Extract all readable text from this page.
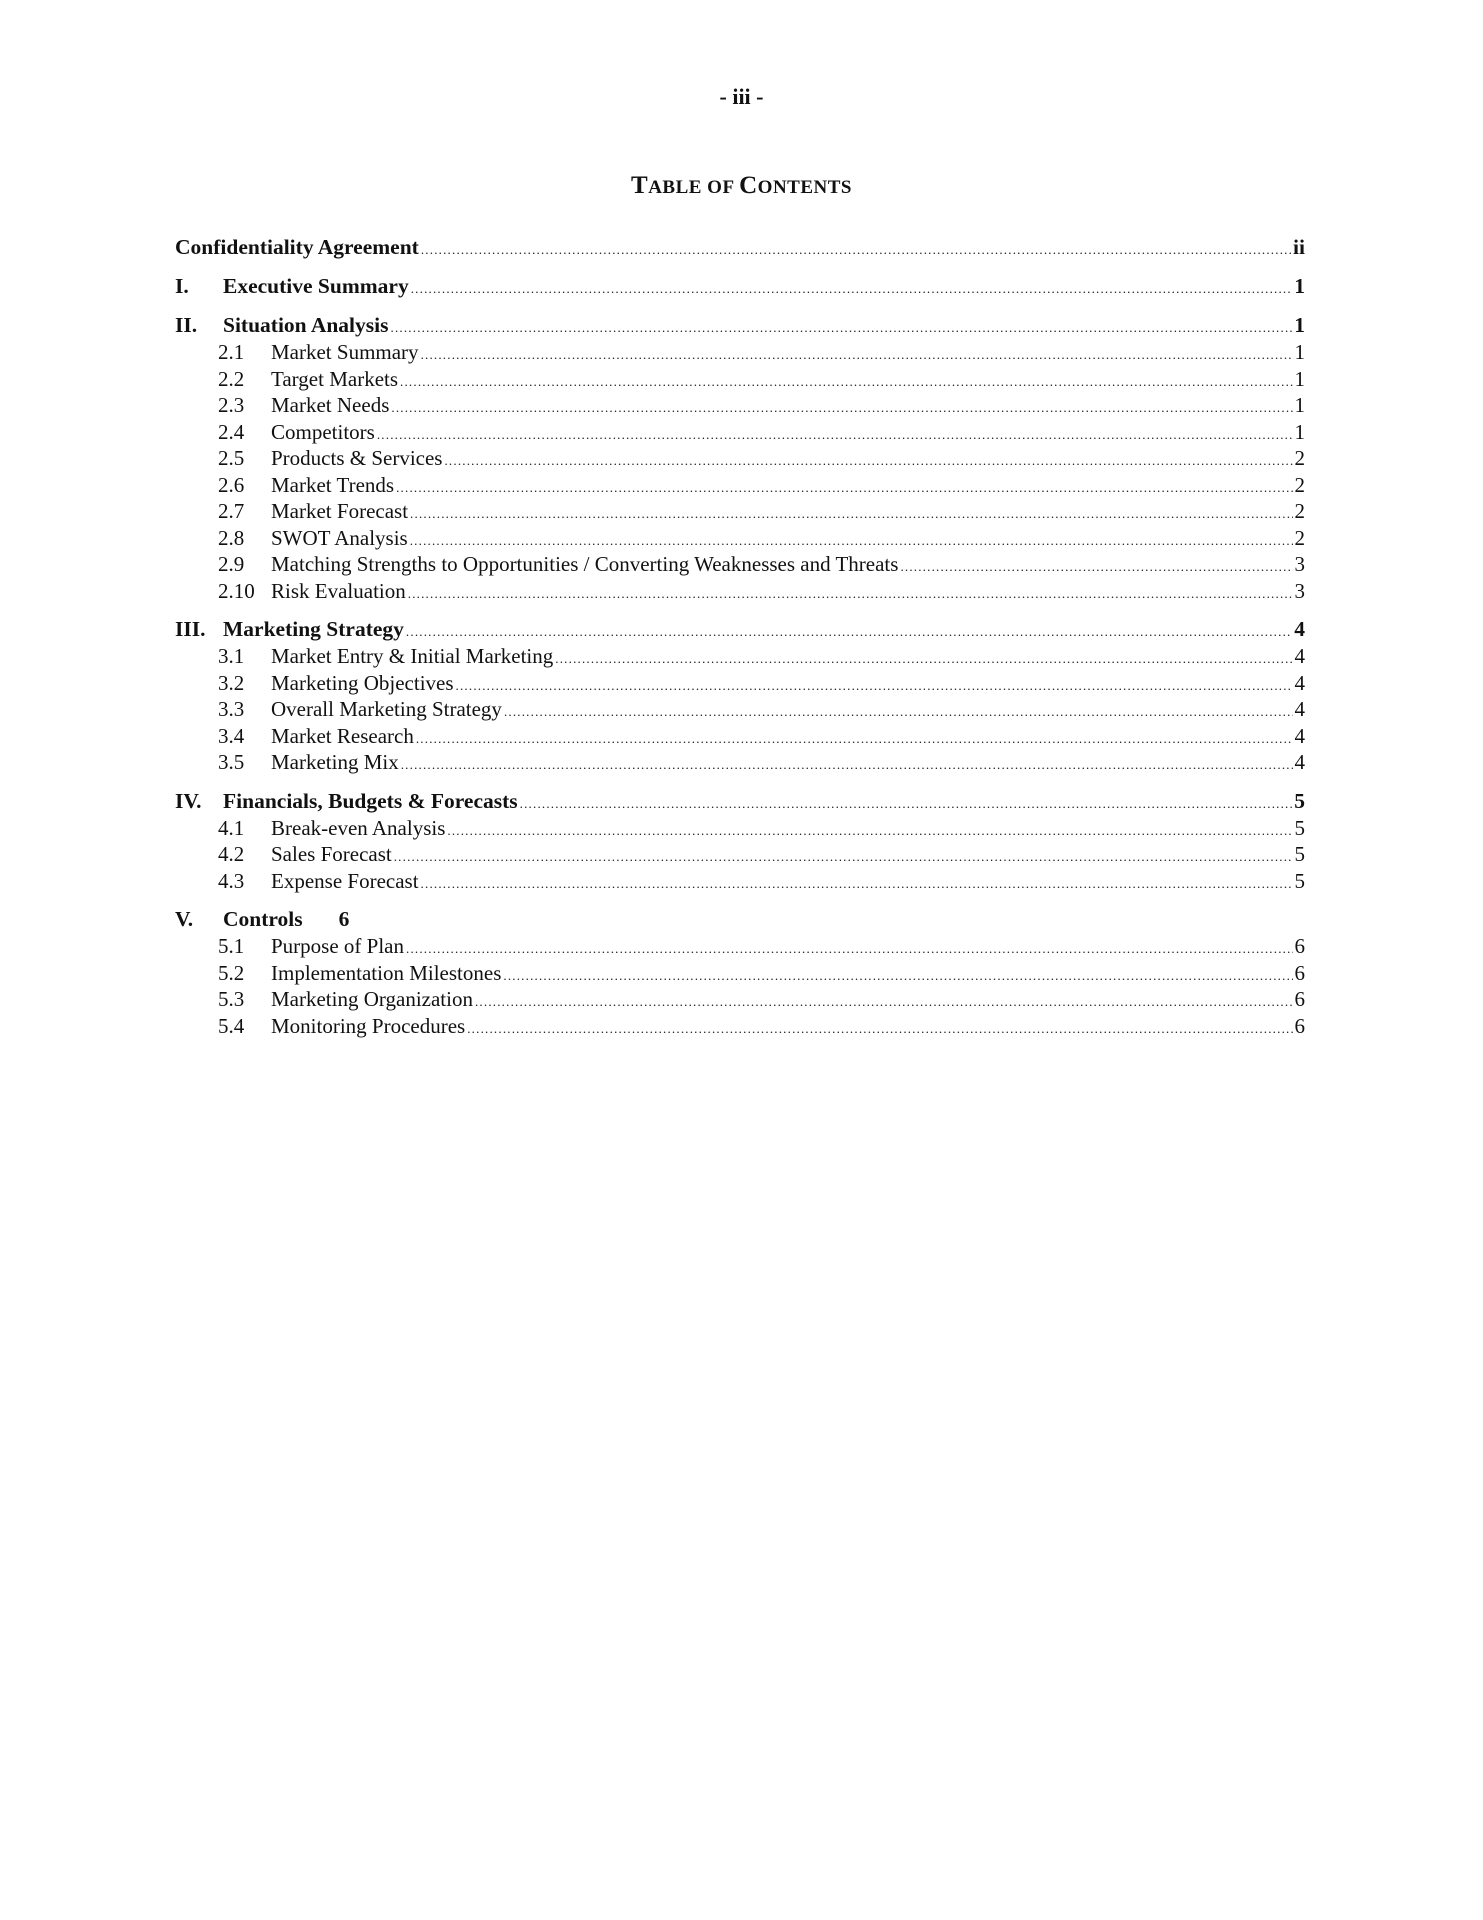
- iii -
TABLE OF CONTENTS
Confidentiality Agreement .....	ii
I.	Executive Summary .....	1
II.	Situation Analysis .....	1
2.1	Market Summary .....	1
2.2	Target Markets .....	1
2.3	Market Needs .....	1
2.4	Competitors .....	1
2.5	Products & Services .....	2
2.6	Market Trends .....	2
2.7	Market Forecast .....	2
2.8	SWOT Analysis .....	2
2.9	Matching Strengths to Opportunities / Converting Weaknesses and Threats .....	3
2.10 Risk Evaluation .....	3
III. Marketing Strategy .....	4
3.1	Market Entry & Initial Marketing .....	4
3.2	Marketing Objectives .....	4
3.3	Overall Marketing Strategy .....	4
3.4	Market Research .....	4
3.5	Marketing Mix .....	4
IV.	Financials, Budgets & Forecasts .....	5
4.1	Break-even Analysis .....	5
4.2	Sales Forecast .....	5
4.3	Expense Forecast .....	5
V.	Controls 6
5.1	Purpose of Plan .....	6
5.2	Implementation Milestones .....	6
5.3	Marketing Organization .....	6
5.4	Monitoring Procedures .....	6
